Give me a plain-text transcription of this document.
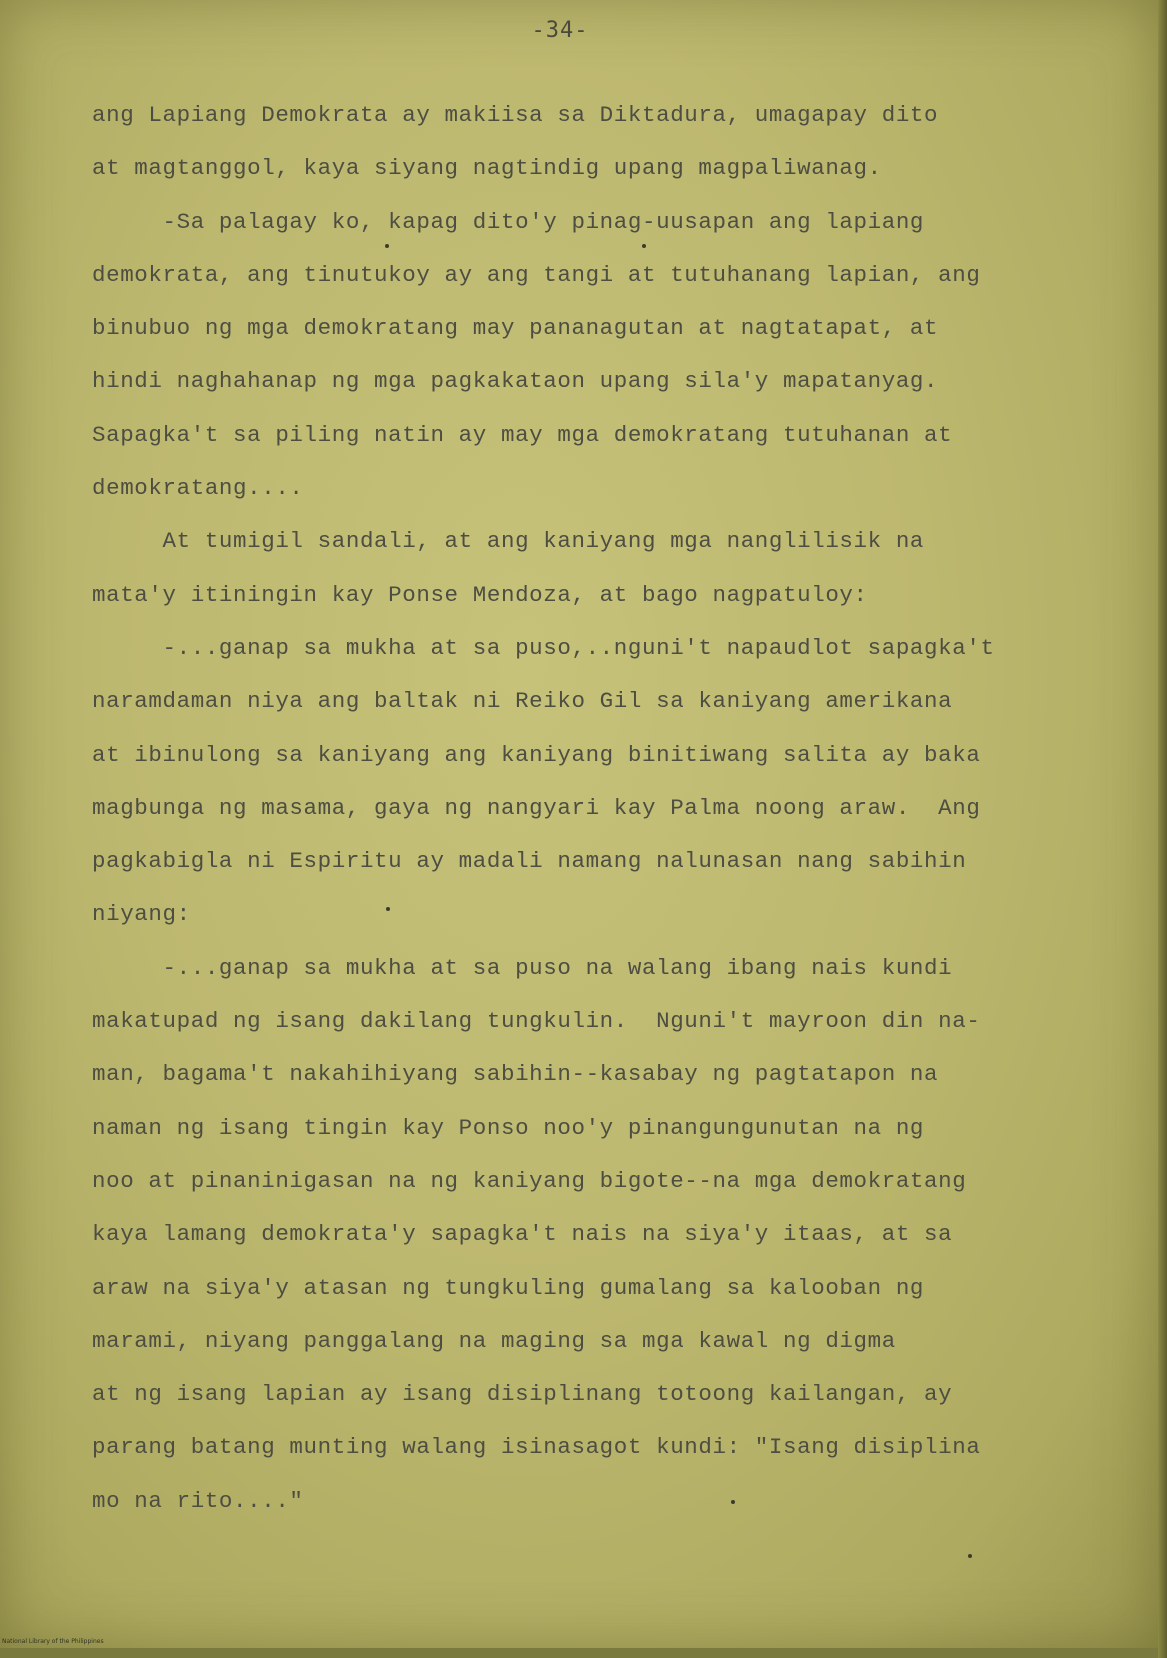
-34-
ang Lapiang Demokrata ay makiisa sa Diktadura, umagapay dito
at magtanggol, kaya siyang nagtindig upang magpaliwanag.
-Sa palagay ko, kapag dito'y pinag-uusapan ang lapiang
demokrata, ang tinutukoy ay ang tangi at tutuhanang lapian, ang
binubuo ng mga demokratang may pananagutan at nagtatapat, at
hindi naghahanap ng mga pagkakataon upang sila'y mapatanyag.
Sapagka't sa piling natin ay may mga demokratang tutuhanan at
demokratang....
At tumigil sandali, at ang kaniyang mga nanglilisik na
mata'y itiningin kay Ponse Mendoza, at bago nagpatuloy:
-...ganap sa mukha at sa puso,..nguni't napaudlot sapagka't
naramdaman niya ang baltak ni Reiko Gil sa kaniyang amerikana
at ibinulong sa kaniyang ang kaniyang binitiwang salita ay baka
magbunga ng masama, gaya ng nangyari kay Palma noong araw.  Ang
pagkabigla ni Espiritu ay madali namang nalunasan nang sabihin
niyang:
-...ganap sa mukha at sa puso na walang ibang nais kundi
makatupad ng isang dakilang tungkulin.  Nguni't mayroon din na-
man, bagama't nakahihiyang sabihin--kasabay ng pagtatapon na
naman ng isang tingin kay Ponso noo'y pinangungunutan na ng
noo at pinaninigasan na ng kaniyang bigote--na mga demokratang
kaya lamang demokrata'y sapagka't nais na siya'y itaas, at sa
araw na siya'y atasan ng tungkuling gumalang sa kalooban ng
marami, niyang panggalang na maging sa mga kawal ng digma
at ng isang lapian ay isang disiplinang totoong kailangan, ay
parang batang munting walang isinasagot kundi: "Isang disiplina
mo na rito...."
National Library of the Philippines
